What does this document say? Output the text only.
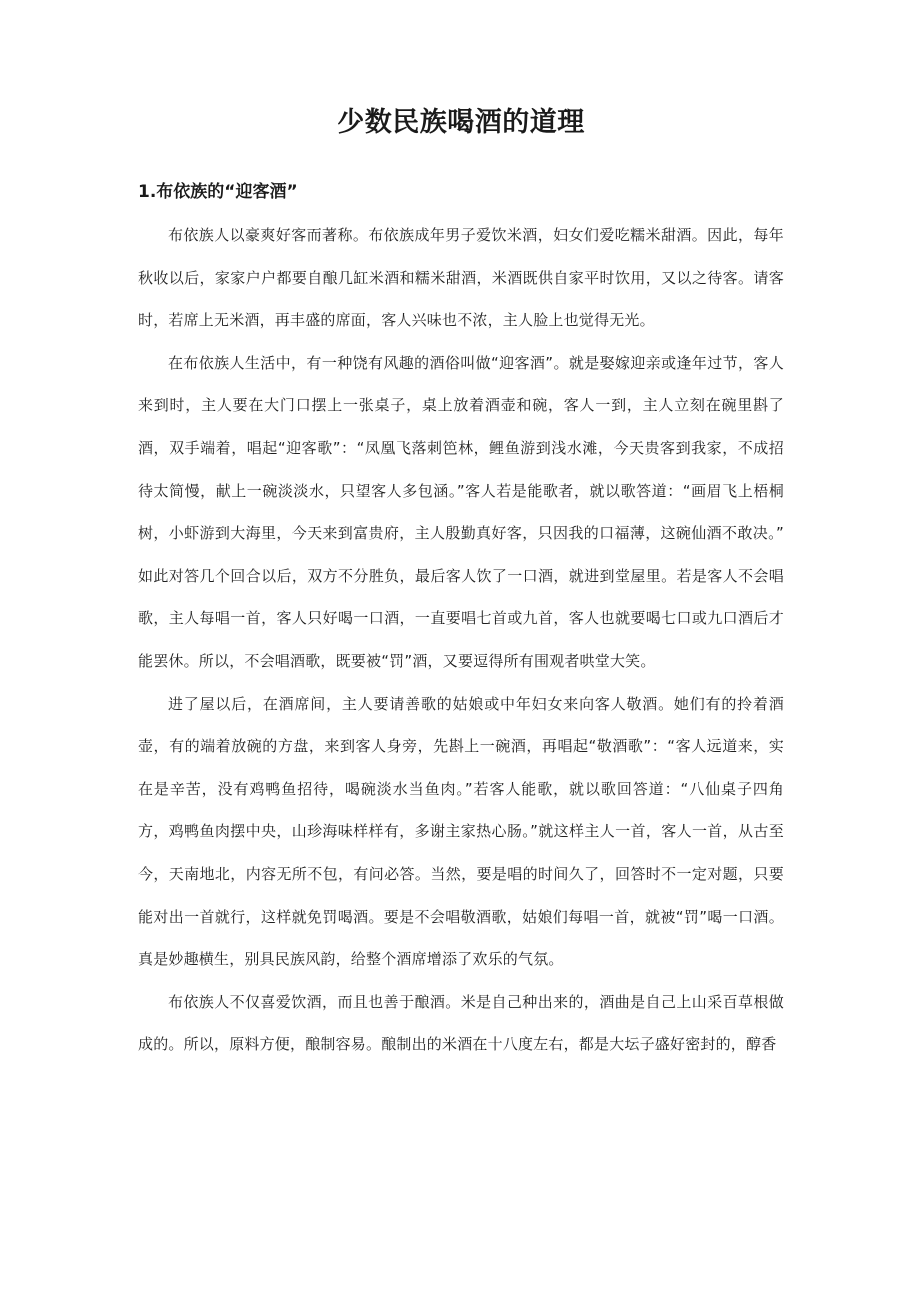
少数民族喝酒的道理
1.布依族的“迎客酒”

布依族人以豪爽好客而著称。布依族成年男子爱饮米酒，妇女们爱吃糯米甜酒。因此，每年秋收以后，家家户户都要自酿几缸米酒和糯米甜酒，米酒既供自家平时饮用，又以之待客。请客时，若席上无米酒，再丰盛的席面，客人兴味也不浓，主人脸上也觉得无光。

在布依族人生活中，有一种饶有风趣的酒俗叫做“迎客酒”。就是娶嫁迎亲或逢年过节，客人来到时，主人要在大门口摆上一张桌子，桌上放着酒壶和碗，客人一到，主人立刻在碗里斟了酒，双手端着，唱起“迎客歌”：“凤凰飞落刺笆林，鲤鱼游到浅水滩，今天贵客到我家，不成招待太简慢，献上一碗淡淡水，只望客人多包涵。”客人若是能歌者，就以歌答道：“画眉飞上梧桐树，小虾游到大海里，今天来到富贵府，主人殷勤真好客，只因我的口福薄，这碗仙酒不敢决。”如此对答几个回合以后，双方不分胜负，最后客人饮了一口酒，就进到堂屋里。若是客人不会唱歌，主人每唱一首，客人只好喝一口酒，一直要唱七首或九首，客人也就要喝七口或九口酒后才能罢休。所以，不会唱酒歌，既要被“罚”酒，又要逗得所有围观者哄堂大笑。

进了屋以后，在酒席间，主人要请善歌的姑娘或中年妇女来向客人敬酒。她们有的拎着酒壶，有的端着放碗的方盘，来到客人身旁，先斟上一碗酒，再唱起“敬酒歌”：“客人远道来，实在是辛苦，没有鸡鸭鱼招待，喝碗淡水当鱼肉。”若客人能歌，就以歌回答道：“八仙桌子四角方，鸡鸭鱼肉摆中央，山珍海味样样有，多谢主家热心肠。”就这样主人一首，客人一首，从古至今，天南地北，内容无所不包，有问必答。当然，要是唱的时间久了，回答时不一定对题，只要能对出一首就行，这样就免罚喝酒。要是不会唱敬酒歌，姑娘们每唱一首，就被“罚”喝一口酒。真是妙趣横生，别具民族风韵，给整个酒席增添了欢乐的气氛。

布依族人不仅喜爱饮酒，而且也善于酿酒。米是自己种出来的，酒曲是自己上山采百草根做成的。所以，原料方便，酿制容易。酿制出的米酒在十八度左右，都是大坛子盛好密封的，醇香
